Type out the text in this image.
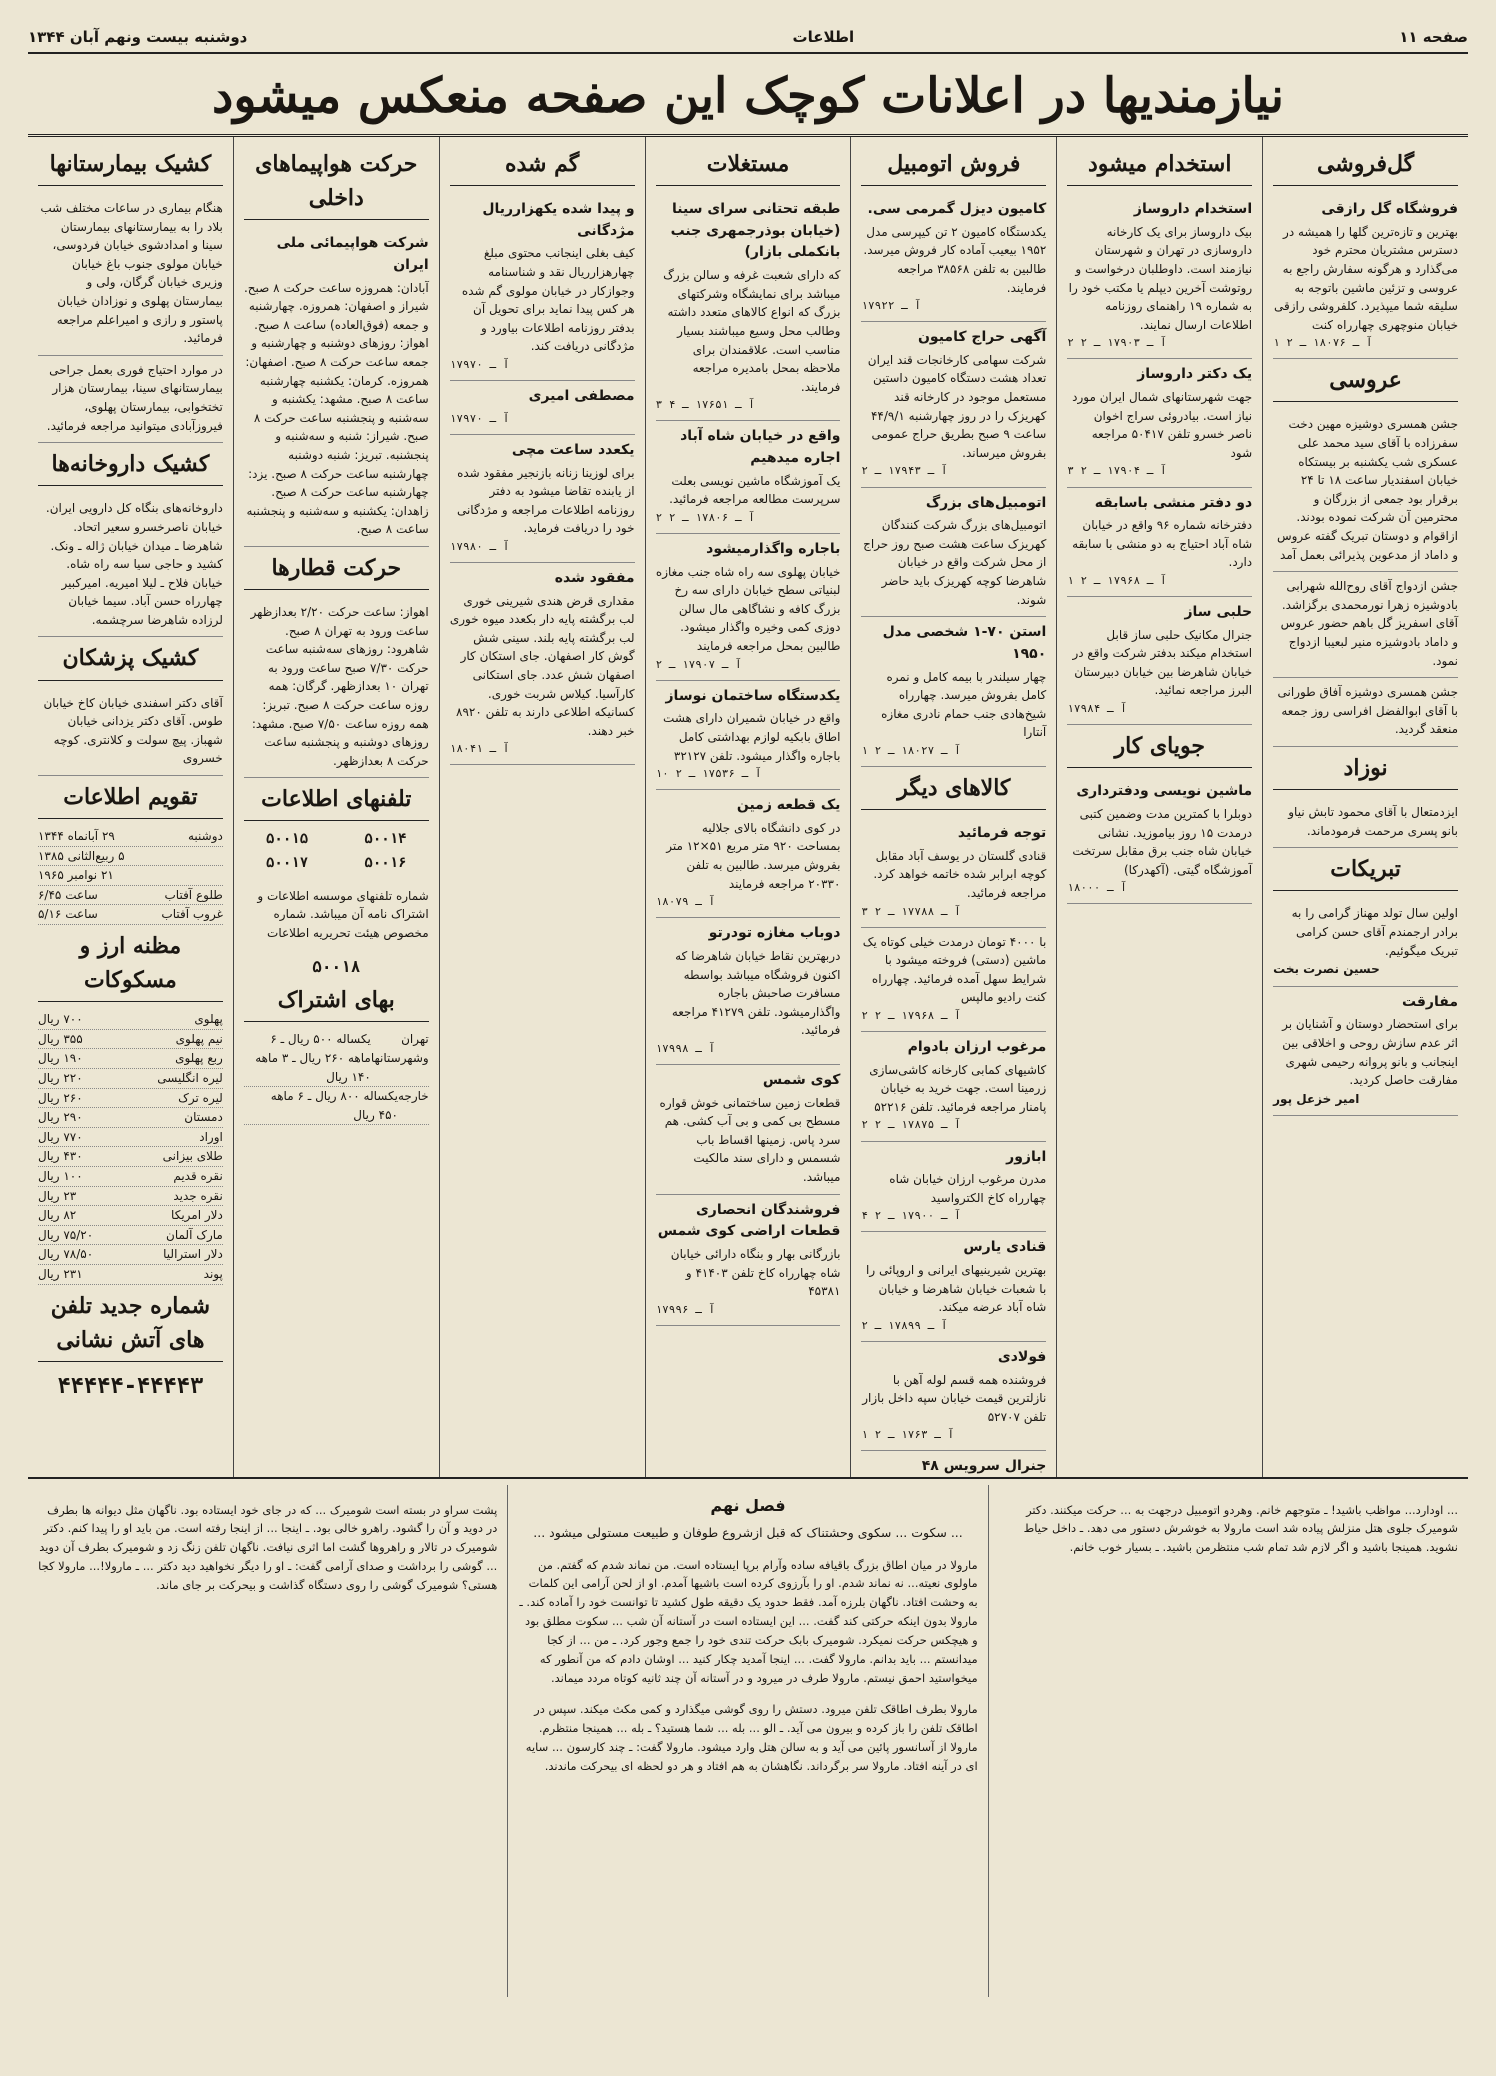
صفحه ۱۱
اطلاعات
دوشنبه بیست ونهم آبان ۱۳۴۴
نیازمندیها در اعلانات کوچک این صفحه منعکس میشود
گل‌فروشی
فروشگاه گل رازقی

بهترین و تازه‌ترین گلها را همیشه در دسترس مشتریان محترم خود می‌گذارد و هرگونه سفارش راجع به عروسی و تزئین ماشین باتوجه به سلیقه شما میپذیرد. کلفروشی رازقی خیابان منوچهری چهارراه کنت

آ ـ ۱۸۰۷۶ ـ ۲ ۱
عروسی

جشن همسری دوشیزه مهین دخت سفرزاده با آقای سید محمد علی عسکری شب یکشنبه بر بیستکاه خیابان اسفندیار ساعت ۱۸ تا ۲۴ برقرار بود جمعی از بزرگان و محترمین آن شرکت نموده بودند. ازاقوام و دوستان تبریک گفته عروس و داماد از مدعوین پذیرائی بعمل آمد

جشن ازدواج آقای روح‌الله شهرابی بادوشیزه زهرا نورمحمدی برگزاشد. آقای اسفریز گل باهم حضور عروس و داماد بادوشیزه منیر لبعیبا ازدواج نمود.

جشن همسری دوشیزه آفاق طورانی با آقای ابوالفضل افراسی روز جمعه منعقد گردید.

نوزاد

ایزدمتعال با آقای محمود تابش نیاو بانو پسری مرحمت فرمودماند.

تبریکات

اولین سال تولد مهناز گرامی را به برادر ارجمندم آقای حسن کرامی تبریک میگوئیم.

حسین نصرت بخت

مفارقت

برای استحضار دوستان و آشنایان بر اثر عدم سازش روحی و اخلاقی بین اینجانب و بانو پروانه رحیمی شهری مفارقت حاصل کردید.

امیر خزعل پور

استخدام میشود
استخدام داروساز

بیک داروساز برای یک کارخانه داروسازی در تهران و شهرستان نیازمند است. داوطلبان درخواست و روتوشت آخرین دیپلم یا مکتب خود را به شماره ۱۹ راهنمای روزنامه اطلاعات ارسال نمایند.

آ ـ ۱۷۹۰۳ ـ ۲ ۲
یک دکتر داروساز

جهت شهرستانهای شمال ایران مورد نیاز است. بیادروئی سراج اخوان ناصر خسرو تلفن ۵۰۴۱۷ مراجعه شود

آ ـ ۱۷۹۰۴ ـ ۲ ۳
دو دفتر منشی باسابقه

دفترخانه شماره ۹۶ واقع در خیابان شاه آباد احتیاج به دو منشی با سابقه دارد.

آ ـ ۱۷۹۶۸ ـ ۲ ۱
حلبی ساز

جنرال مکانیک حلبی ساز قابل استخدام میکند بدفتر شرکت واقع در خیابان شاهرضا بین خیابان دبیرستان البرز مراجعه نمائید.

آ ـ ۱۷۹۸۴
جویای کار
ماشین نویسی ودفترداری

دوبلرا با کمترین مدت وضمین کتبی درمدت ۱۵ روز بیاموزید. نشانی خیابان شاه جنب برق مقابل سرتخت آموزشگاه گیتی. (آکهدرکا)

آ ـ ۱۸۰۰۰
فروش اتومبیل
کامیون دیزل گمرمی سی.

یکدستگاه کامیون ۲ تن کیپرسی مدل ۱۹۵۲ بیعیب آماده کار فروش میرسد. طالبین به تلفن ۳۸۵۶۸ مراجعه فرمایند.

آ ـ ۱۷۹۲۲
آگهی حراج کامیون

شرکت سهامی کارخانجات قند ایران تعداد هشت دستگاه کامیون داستین مستعمل موجود در کارخانه قند کهریزک را در روز چهارشنبه ۴۴/۹/۱ ساعت ۹ صبح بطریق حراج عمومی بفروش میرساند.

آ ـ ۱۷۹۴۳ ـ ۲
اتومبیل‌های بزرگ

اتومبیل‌های بزرگ شرکت کنندگان کهریزک ساعت هشت صبح روز حراج از محل شرکت واقع در خیابان شاهرضا کوچه کهریزک باید حاضر شوند.

استن ۷۰-۱ شخصی مدل ۱۹۵۰

چهار سیلندر با بیمه کامل و نمره کامل بفروش میرسد. چهارراه شیخ‌هادی جنب حمام نادری مغازه آنتارا

آ ـ ۱۸۰۲۷ ـ ۲ ۱
کالاهای دیگر
توجه فرمائید

قنادی گلستان در یوسف آباد مقابل کوچه ابرابر شده خاتمه خواهد کرد. مراجعه فرمائید.

آ ـ ۱۷۷۸۸ ـ ۲ ۳

با ۴۰۰۰ تومان درمدت خیلی کوتاه یک ماشین (دستی) فروخته میشود با شرایط سهل آمده فرمائید. چهارراه کنت رادیو مالپس

آ ـ ۱۷۹۶۸ ـ ۲ ۲
مرغوب ارزان بادوام

کاشیهای کمابی کارخانه کاشی‌سازی زرمینا است. جهت خرید به خیابان پامنار مراجعه فرمائید. تلفن ۵۲۲۱۶

آ ـ ۱۷۸۷۵ ـ ۲ ۲
ابازور

مدرن مرغوب ارزان خیابان شاه چهارراه کاخ الکترواسید

آ ـ ۱۷۹۰۰ ـ ۲ ۴
قنادی یارس

بهترین شیرینیهای ایرانی و اروپائی را با شعبات خیابان شاهرضا و خیابان شاه آباد عرضه میکند.

آ ـ ۱۷۸۹۹ ـ ۲
فولادی

فروشنده همه قسم لوله آهن با نازلترین قیمت خیابان سپه داخل بازار تلفن ۵۲۷۰۷

آ ـ ۱۷۶۳ ـ ۲ ۱
جنرال سرویس ۴۸

مستغلات
طبقه تحتانی سرای سینا (خیابان بوذرجمهری جنب بانکملی بازار)

که دارای شعبت غرفه و سالن بزرگ میباشد برای نمایشگاه وشرکتهای بزرگ که انواع کالاهای متعدد داشته وطالب محل وسیع میباشند بسیار مناسب است. علاقمندان برای ملاحظه بمحل بامدیره مراجعه فرمایند.

آ ـ ۱۷۶۵۱ ـ ۴ ۳
واقع در خیابان شاه آباد اجاره میدهیم

یک آموزشگاه ماشین نویسی بعلت سرپرست مطالعه مراجعه فرمائید.

آ ـ ۱۷۸۰۶ ـ ۲ ۲
باجاره واگذارمیشود

خیابان پهلوی سه راه شاه جنب مغازه لبنیاتی سطح خیابان دارای سه رخ بزرگ کافه و نشاگاهی مال سالن دوزی کمی وخیره واگذار میشود. طالبین بمحل مراجعه فرمایند

آ ـ ۱۷۹۰۷ ـ ۲
یکدستگاه ساختمان نوساز

واقع در خیابان شمیران دارای هشت اطاق بابکیه لوازم بهداشتی کامل باجاره واگذار میشود. تلفن ۳۲۱۲۷

آ ـ ۱۷۵۳۶ ـ ۲ ۱۰
یک قطعه زمین

در کوی دانشگاه بالای جلالیه بمساحت ۹۲۰ متر مربع ۵۱×۱۲ متر بفروش میرسد. طالبین به تلفن ۲۰۳۳۰ مراجعه فرمایند

آ ـ ۱۸۰۷۹
دوباب مغازه تودرتو

دربهترین نقاط خیابان شاهرضا که اکنون فروشگاه میباشد بواسطه مسافرت صاحبش باجاره واگذارمیشود. تلفن ۴۱۲۷۹ مراجعه فرمائید.

آ ـ ۱۷۹۹۸
کوی شمس

قطعات زمین ساختمانی خوش قواره مسطح بی کمی و بی آب کشی. هم سرد پاس. زمینها اقساط باب شسمس و دارای سند مالکیت میباشد.

فروشندگان انحصاری قطعات اراضی کوی شمس

بازرگانی بهار و بنگاه دارائی خیابان شاه چهارراه کاخ تلفن ۴۱۴۰۳ و ۴۵۳۸۱

آ ـ ۱۷۹۹۶
گم شده
و پیدا شده یکهزارریال مژدگانی

کیف بغلی اینجانب محتوی مبلغ چهارهزارریال نقد و شناسنامه وجوازکار در خیابان مولوی گم شده هر کس پیدا نماید برای تحویل آن بدفتر روزنامه اطلاعات بیاورد و مژدگانی دریافت کند.

آ ـ ۱۷۹۷۰
مصطفی امیری
آ ـ ۱۷۹۷۰
یکعدد ساعت مچی

برای لوزینا زنانه بازنجیر مفقود شده از یابنده تقاضا میشود به دفتر روزنامه اطلاعات مراجعه و مژدگانی خود را دریافت فرماید.

آ ـ ۱۷۹۸۰
مفقود شده

مقداری قرض هندی شیرینی خوری لب برگشته پایه دار بکعدد میوه خوری لب برگشته پایه بلند. سینی شش گوش کار اصفهان. جای استکان کار اصفهان شش عدد. جای استکانی کارآسیا. کیلاس شربت خوری. کسانیکه اطلاعی دارند به تلفن ۸۹۲۰ خبر دهند.

آ ـ ۱۸۰۴۱
حرکت هواپیماهای داخلی
شرکت هواپیمائی ملی ایران

آبادان: همروزه ساعت حرکت ۸ صبح. شیراز و اصفهان: همروزه. چهارشنبه و جمعه (فوق‌العاده) ساعت ۸ صبح. اهواز: روزهای دوشنبه و چهارشنبه و جمعه ساعت حرکت ۸ صبح. اصفهان: همروزه. کرمان: یکشنبه چهارشنبه ساعت ۸ صبح. مشهد: یکشنبه و سه‌شنبه و پنجشنبه ساعت حرکت ۸ صبح. شیراز: شنبه و سه‌شنبه و پنجشنبه. تبریز: شنبه دوشنبه چهارشنبه ساعت حرکت ۸ صبح. یزد: چهارشنبه ساعت حرکت ۸ صبح. زاهدان: یکشنبه و سه‌شنبه و پنجشنبه ساعت ۸ صبح.

حرکت قطارها

اهواز: ساعت حرکت ۲/۲۰ بعدازظهر ساعت ورود به تهران ۸ صبح. شاهرود: روزهای سه‌شنبه ساعت حرکت ۷/۳۰ صبح ساعت ورود به تهران ۱۰ بعدازظهر. گرگان: همه روزه ساعت حرکت ۸ صبح. تبریز: همه روزه ساعت ۷/۵۰ صبح. مشهد: روزهای دوشنبه و پنجشنبه ساعت حرکت ۸ بعدازظهر.

تلفنهای اطلاعات
۵۰۰۱۴
۵۰۰۱۵
۵۰۰۱۶
۵۰۰۱۷

شماره تلفنهای موسسه اطلاعات و اشتراک نامه آن میباشد. شماره مخصوص هیئت تحریریه اطلاعات

۵۰۰۱۸
بهای اشتراک
تهران وشهرستانها
یکساله ۵۰۰ ریال ـ ۶ ماهه ۲۶۰ ریال ـ ۳ ماهه ۱۴۰ ریال
خارجه
یکساله ۸۰۰ ریال ـ ۶ ماهه ۴۵۰ ریال
کشیک بیمارستانها

هنگام بیماری در ساعات مختلف شب بلاد را به بیمارستانهای بیمارستان سینا و امدادشوی خیابان فردوسی، خیابان مولوی جنوب باغ خیابان وزیری خیابان گرگان، ولی و بیمارستان پهلوی و نوزادان خیابان پاستور و رازی و امیراعلم مراجعه فرمائید.

در موارد احتیاج فوری بعمل جراحی بیمارستانهای سینا، بیمارستان هزار تختخوابی، بیمارستان پهلوی، فیروزآبادی میتوانید مراجعه فرمائید.

کشیک داروخانه‌ها

داروخانه‌های بنگاه کل دارویی ایران. خیابان ناصرخسرو سعیر اتحاد. شاهرضا ـ میدان خیابان ژاله ـ ونک. کشید و حاجی سیا سه راه شاه. خیابان فلاح ـ لیلا امیریه. امیرکبیر چهارراه حسن آباد. سیما خیابان لرزاده شاهرضا سرچشمه.

کشیک پزشکان

آقای دکتر اسفندی خیابان کاخ خیابان طوس. آقای دکتر یزدانی خیابان شهباز. پیچ سولت و کلانتری. کوچه خسروی

تقویم اطلاعات
دوشنبه
۲۹ آبانماه ۱۳۴۴
۵ ربیع‌الثانی ۱۳۸۵
۲۱ نوامبر ۱۹۶۵
طلوع آفتاب
ساعت ۶/۴۵
غروب آفتاب
ساعت ۵/۱۶
مظنه ارز و مسکوکات
پهلوی
۷۰۰ ریال
نیم پهلوی
۳۵۵ ریال
ربع پهلوی
۱۹۰ ریال
لیره انگلیسی
۲۲۰ ریال
لیره ترک
۲۶۰ ریال
دمستان
۲۹۰ ریال
اوراد
۷۷۰ ریال
طلای بیزانی
۴۳۰ ریال
نقره قدیم
۱۰۰ ریال
نقره جدید
۲۳ ریال
دلار امریکا
۸۲ ریال
مارک آلمان
۷۵/۲۰ ریال
دلار استرالیا
۷۸/۵۰ ریال
پوند
۲۳۱ ریال
شماره جدید تلفن های آتش نشانی
۴۴۴۴۴-۴۴۴۴۳

... اودارد... مواظب باشید! ـ متوجهم خانم. وهردو اتومبیل درجهت به ... حرکت میکنند. دکتر شومیرک جلوی هتل منزلش پیاده شد است مارولا به خوشرش دستور می دهد. ـ داخل حیاط نشوید. همینجا باشید و اگر لازم شد تمام شب منتظرمن باشید. ـ بسیار خوب خانم.

فصل نهم
... سکوت ... سکوی وحشتناک که قبل ازشروع طوفان و طبیعت مستولی میشود ...

مارولا در میان اطاق بزرگ باقیافه ساده وآرام برپا ایستاده است. من نماند شدم که گفتم. من ماولوی نعیته... نه نماند شدم. او را بآرزوی کرده است باشیها آمدم. او از لحن آرامی این کلمات به وحشت افتاد. ناگهان بلرزه آمد. فقط حدود یک دقیقه طول کشید تا توانست خود را آماده کند. ـ مارولا بدون اینکه حرکتی کند گفت. ... این ایستاده است در آستانه آن شب ... سکوت مطلق بود و هیچکس حرکت نمیکرد. شومیرک بابک حرکت تندی خود را جمع وجور کرد. ـ من ... از کجا میدانستم ... باید بدانم. مارولا گفت. ... اینجا آمدید چکار کنید ... اوشان دادم که من آنطور که میخواستید احمق نیستم. مارولا طرف در میرود و در آستانه آن چند ثانیه کوتاه مردد میماند.

مارولا بطرف اطاقک تلفن میرود. دستش را روی گوشی میگذارد و کمی مکث میکند. سپس در اطاقک تلفن را باز کرده و بیرون می آید. ـ الو ... بله ... شما هستید؟ ـ بله ... همینجا منتظرم. مارولا از آسانسور پائین می آید و به سالن هتل وارد میشود. مارولا گفت: ـ چند کارسون ... سایه ای در آینه افتاد. مارولا سر برگرداند. نگاهشان به هم افتاد و هر دو لحظه ای بیحرکت ماندند.

پشت سراو در بسته است شومیرک ... که در جای خود ایستاده بود. ناگهان مثل دیوانه ها بطرف در دوید و آن را گشود. راهرو خالی بود. ـ اینجا ... از اینجا رفته است. من باید او را پیدا کنم. دکتر شومیرک در تالار و راهروها گشت اما اثری نیافت. ناگهان تلفن زنگ زد و شومیرک بطرف آن دوید ... گوشی را برداشت و صدای آرامی گفت: ـ او را دیگر نخواهید دید دکتر ... ـ مارولا!... مارولا کجا هستی؟ شومیرک گوشی را روی دستگاه گذاشت و بیحرکت بر جای ماند.
